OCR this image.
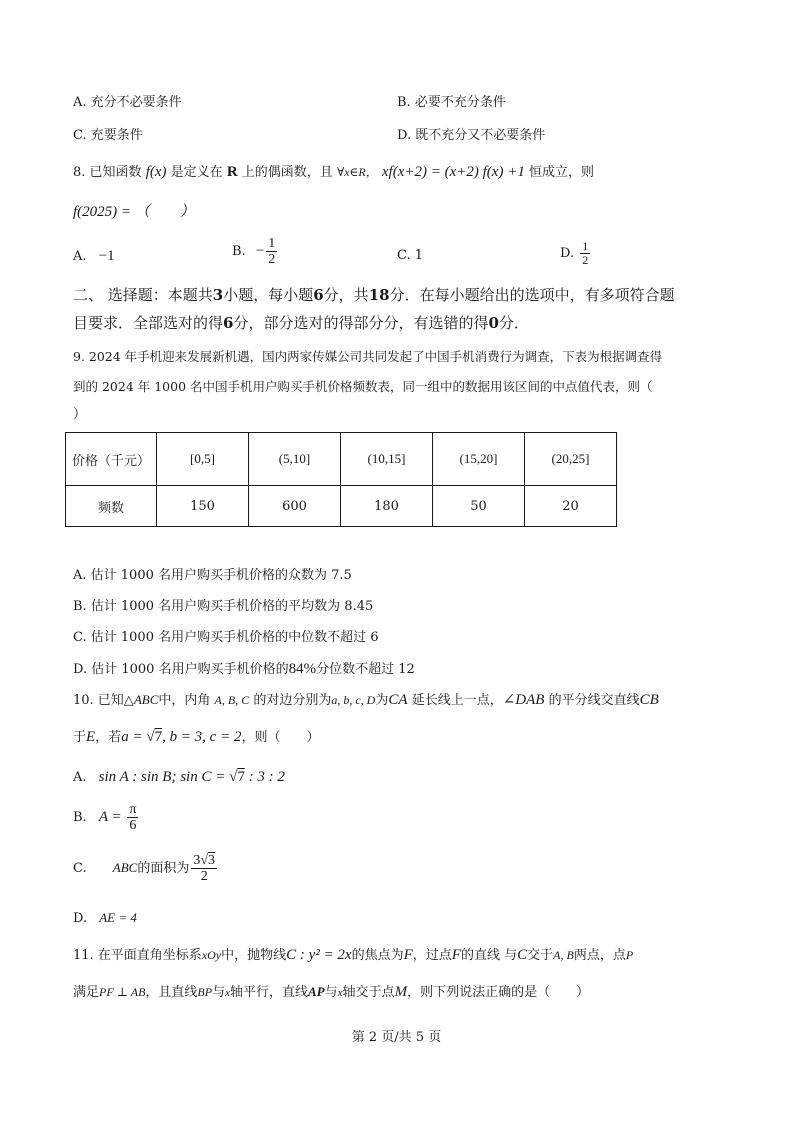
A. 充分不必要条件	B. 必要不充分条件
C. 充要条件	D. 既不充分又不必要条件
8. 已知函数 f(x) 是定义在 R 上的偶函数，且 ∀x∈R， xf(x+2) = (x+2) f(x) +1 恒成立，则
f(2025) = （　　）
A. −1	B. − $\frac{1}{2}$	C. 1	D. $\frac{1}{2}$
二、 选择题：本题共3小题，每小题6分，共18分．在每小题给出的选项中，有多项符合题
目要求．全部选对的得6分，部分选对的得部分分，有选错的得0分．
9. 2024 年手机迎来发展新机遇，国内两家传媒公司共同发起了中国手机消费行为调查，下表为根据调查得
到的 2024 年 1000 名中国手机用户购买手机价格频数表，同一组中的数据用该区间的中点值代表，则（
）
价格（千元）	[0,5]	(5,10]	(10,15]	(15,20]	(20,25]
频数	150	600	180	50	20
A. 估计 1000 名用户购买手机价格的众数为 7.5
B. 估计 1000 名用户购买手机价格的平均数为 8.45
C. 估计 1000 名用户购买手机价格的中位数不超过 6
D. 估计 1000 名用户购买手机价格的84%分位数不超过 12
10. 已知△ABC中，内角 A, B, C 的对边分别为a, b, c, D为CA 延长线上一点，∠DAB 的平分线交直线CB
于E，若a = √7, b = 3, c = 2，则（　　）
A. sin A : sin B; sin C = √7 : 3 : 2
B. $A = \frac{\pi}{6}$
C. ABC的面积为 $\frac{3√3}{2}$
D. AE = 4
11. 在平面直角坐标系xOy中，抛物线C : y² = 2x的焦点为F，过点F的直线 与C交于A, B两点，点P
满足PF ⊥ AB，且直线BP与x轴平行，直线AP与x轴交于点M，则下列说法正确的是（　　）
第 2 页/共 5 页
